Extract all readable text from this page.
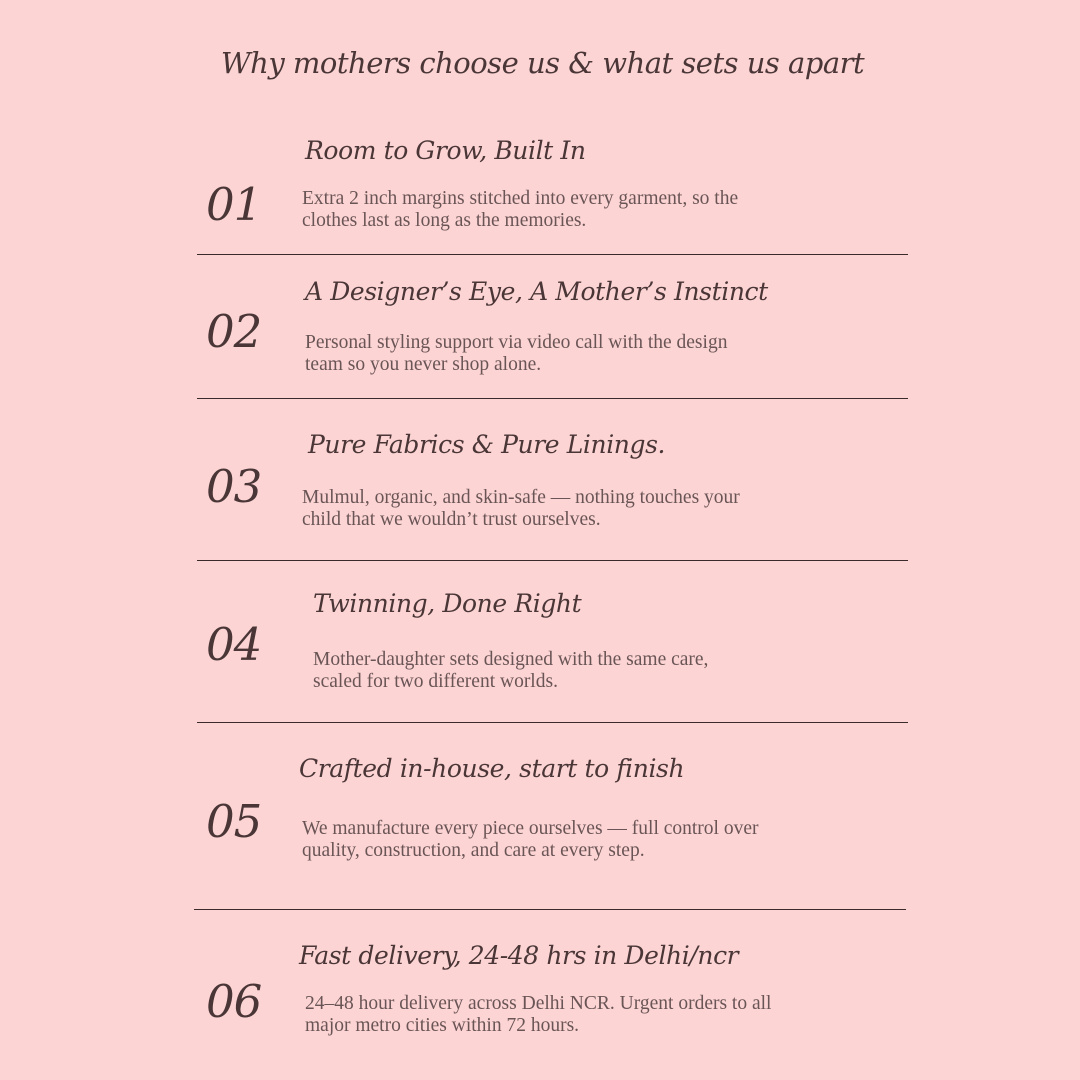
Why mothers choose us & what sets us apart
01
Room to Grow, Built In
Extra 2 inch margins stitched into every garment, so the clothes last as long as the memories.
02
A Designer’s Eye, A Mother’s Instinct
Personal styling support via video call with the design team so you never shop alone.
03
Pure Fabrics & Pure Linings.
Mulmul, organic, and skin-safe — nothing touches your child that we wouldn’t trust ourselves.
04
Twinning, Done Right
Mother-daughter sets designed with the same care, scaled for two different worlds.
05
Crafted in-house, start to finish
We manufacture every piece ourselves — full control over quality, construction, and care at every step.
06
Fast delivery, 24-48 hrs in Delhi/ncr
24–48 hour delivery across Delhi NCR. Urgent orders to all major metro cities within 72 hours.
